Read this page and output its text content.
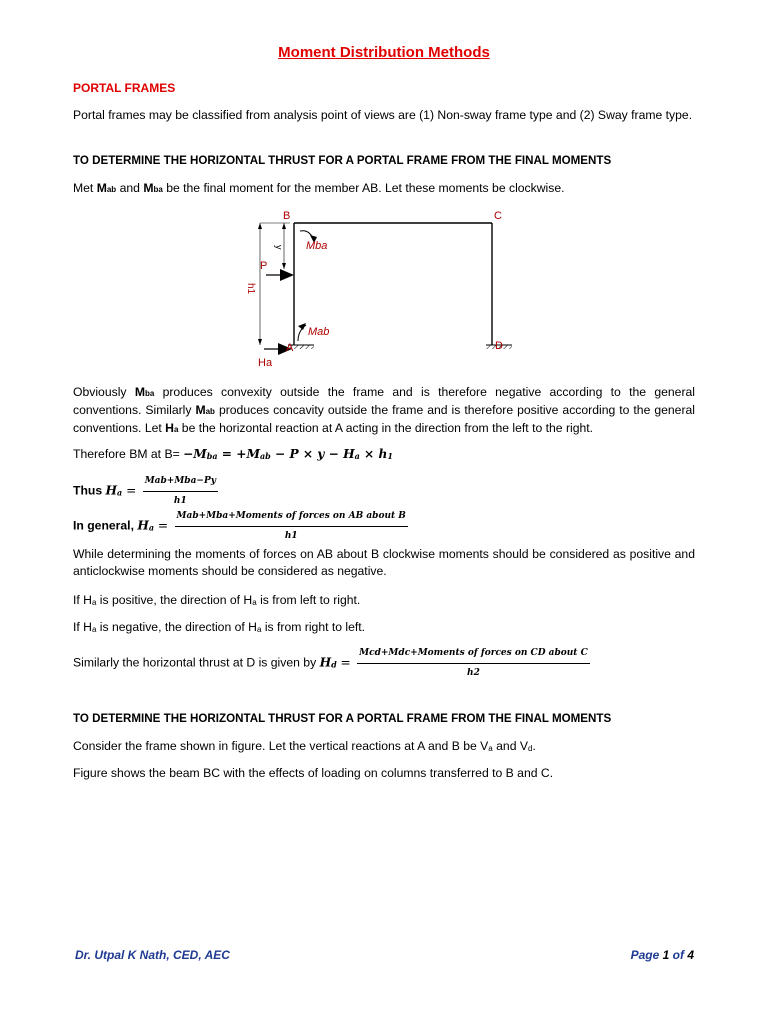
Moment Distribution Methods
PORTAL FRAMES
Portal frames may be classified from analysis point of views are (1) Non-sway frame type and (2) Sway frame type.
TO DETERMINE THE HORIZONTAL THRUST FOR A PORTAL FRAME FROM THE FINAL MOMENTS
Met Mab and Mba be the final moment for the member AB. Let these moments be clockwise.
B	C
P
y
h1
Mba
Mab
A	D
Ha
Obviously Mba produces convexity outside the frame and is therefore negative according to the general conventions. Similarly Mab produces concavity outside the frame and is therefore positive according to the general conventions. Let Ha be the horizontal reaction at A acting in the direction from the left to the right.
Therefore BM at B= −Mba = +Mab − P × y − Ha × h1
Thus $Ha = \frac{\text{Mab+Mba−Py}}{h1}$
In general, $Ha = \frac{\text{Mab+Mba+Moments of forces on AB about B}}{h1}$
While determining the moments of forces on AB about B clockwise moments should be considered as positive and anticlockwise moments should be considered as negative.
If Ha is positive, the direction of Ha is from left to right.
If Ha is negative, the direction of Ha is from right to left.
Similarly the horizontal thrust at D is given by $Hd = \frac{\text{Mcd+Mdc+Moments of forces on CD about C}}{h2}$
TO DETERMINE THE HORIZONTAL THRUST FOR A PORTAL FRAME FROM THE FINAL MOMENTS
Consider the frame shown in figure. Let the vertical reactions at A and B be Va and Vd.
Figure shows the beam BC with the effects of loading on columns transferred to B and C.
Dr. Utpal K Nath, CED, AEC	Page 1 of 4
